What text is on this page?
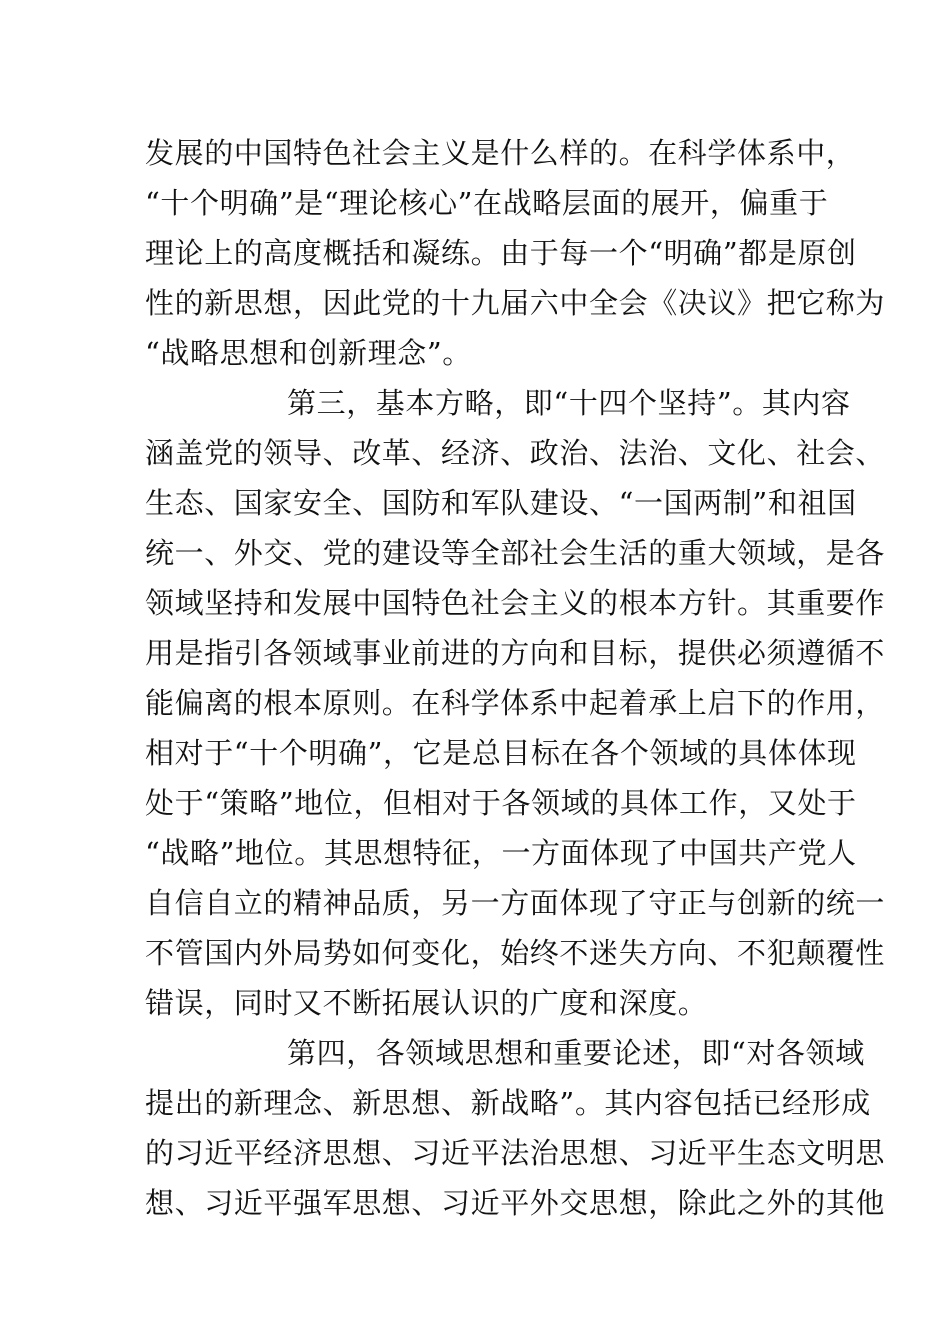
发展的中国特色社会主义是什么样的。在科学体系中，
“十个明确”是“理论核心”在战略层面的展开，偏重于
理论上的高度概括和凝练。由于每一个“明确”都是原创
性的新思想，因此党的十九届六中全会《决议》把它称为
“战略思想和创新理念”。
第三，基本方略，即“十四个坚持”。其内容
涵盖党的领导、改革、经济、政治、法治、文化、社会、
生态、国家安全、国防和军队建设、“一国两制”和祖国
统一、外交、党的建设等全部社会生活的重大领域，是各
领域坚持和发展中国特色社会主义的根本方针。其重要作
用是指引各领域事业前进的方向和目标，提供必须遵循不
能偏离的根本原则。在科学体系中起着承上启下的作用，
相对于“十个明确”，它是总目标在各个领域的具体体现
处于“策略”地位，但相对于各领域的具体工作，又处于
“战略”地位。其思想特征，一方面体现了中国共产党人
自信自立的精神品质，另一方面体现了守正与创新的统一
不管国内外局势如何变化，始终不迷失方向、不犯颠覆性
错误，同时又不断拓展认识的广度和深度。
第四，各领域思想和重要论述，即“对各领域
提出的新理念、新思想、新战略”。其内容包括已经形成
的习近平经济思想、习近平法治思想、习近平生态文明思
想、习近平强军思想、习近平外交思想，除此之外的其他
